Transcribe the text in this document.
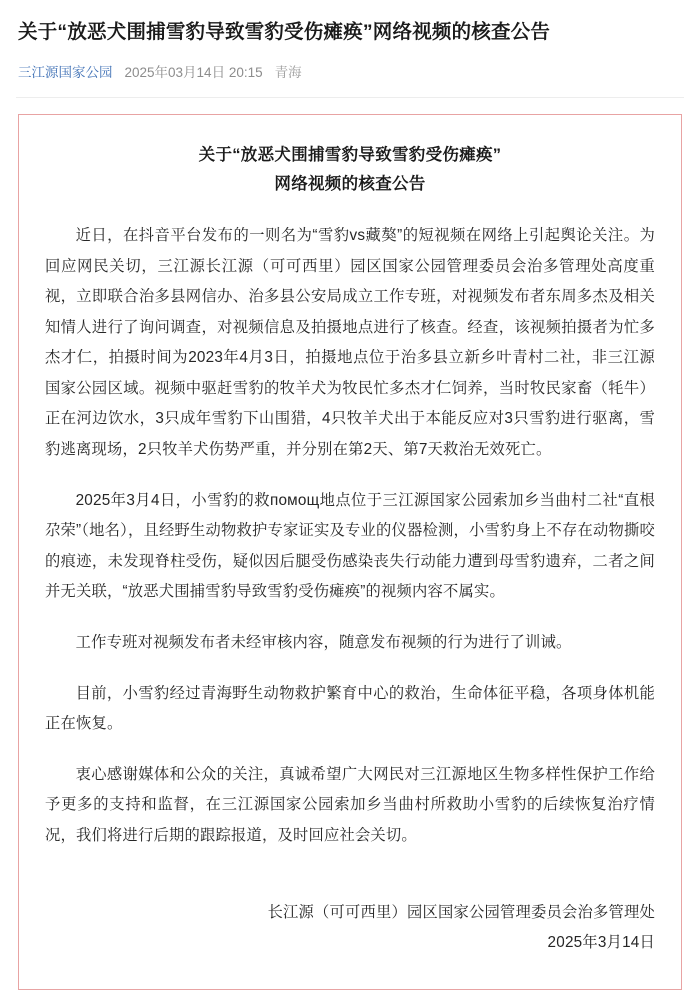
关于“放恶犬围捕雪豹导致雪豹受伤瘫痪”网络视频的核查公告
三江源国家公园 2025年03月14日 20:15 青海
关于“放恶犬围捕雪豹导致雪豹受伤瘫痪”
网络视频的核查公告

近日，在抖音平台发布的一则名为“雪豹vs藏獒”的短视频在网络上引起舆论关注。为回应网民关切，三江源长江源（可可西里）园区国家公园管理委员会治多管理处高度重视，立即联合治多县网信办、治多县公安局成立工作专班，对视频发布者东周多杰及相关知情人进行了询问调查，对视频信息及拍摄地点进行了核查。经查，该视频拍摄者为忙多杰才仁，拍摄时间为2023年4月3日，拍摄地点位于治多县立新乡叶青村二社，非三江源国家公园区域。视频中驱赶雪豹的牧羊犬为牧民忙多杰才仁饲养，当时牧民家畜（牦牛）正在河边饮水，3只成年雪豹下山围猎，4只牧羊犬出于本能反应对3只雪豹进行驱离，雪豹逃离现场，2只牧羊犬伤势严重，并分别在第2天、第7天救治无效死亡。

2025年3月4日，小雪豹的救помощ地点位于三江源国家公园索加乡当曲村二社“直根尕荣”（地名），且经野生动物救护专家证实及专业的仪器检测，小雪豹身上不存在动物撕咬的痕迹，未发现脊柱受伤，疑似因后腿受伤感染丧失行动能力遭到母雪豹遗弃，二者之间并无关联，“放恶犬围捕雪豹导致雪豹受伤瘫痪”的视频内容不属实。

工作专班对视频发布者未经审核内容，随意发布视频的行为进行了训诫。

目前，小雪豹经过青海野生动物救护繁育中心的救治，生命体征平稳，各项身体机能正在恢复。

衷心感谢媒体和公众的关注，真诚希望广大网民对三江源地区生物多样性保护工作给予更多的支持和监督，在三江源国家公园索加乡当曲村所救助小雪豹的后续恢复治疗情况，我们将进行后期的跟踪报道，及时回应社会关切。

长江源（可可西里）园区国家公园管理委员会治多管理处
2025年3月14日
